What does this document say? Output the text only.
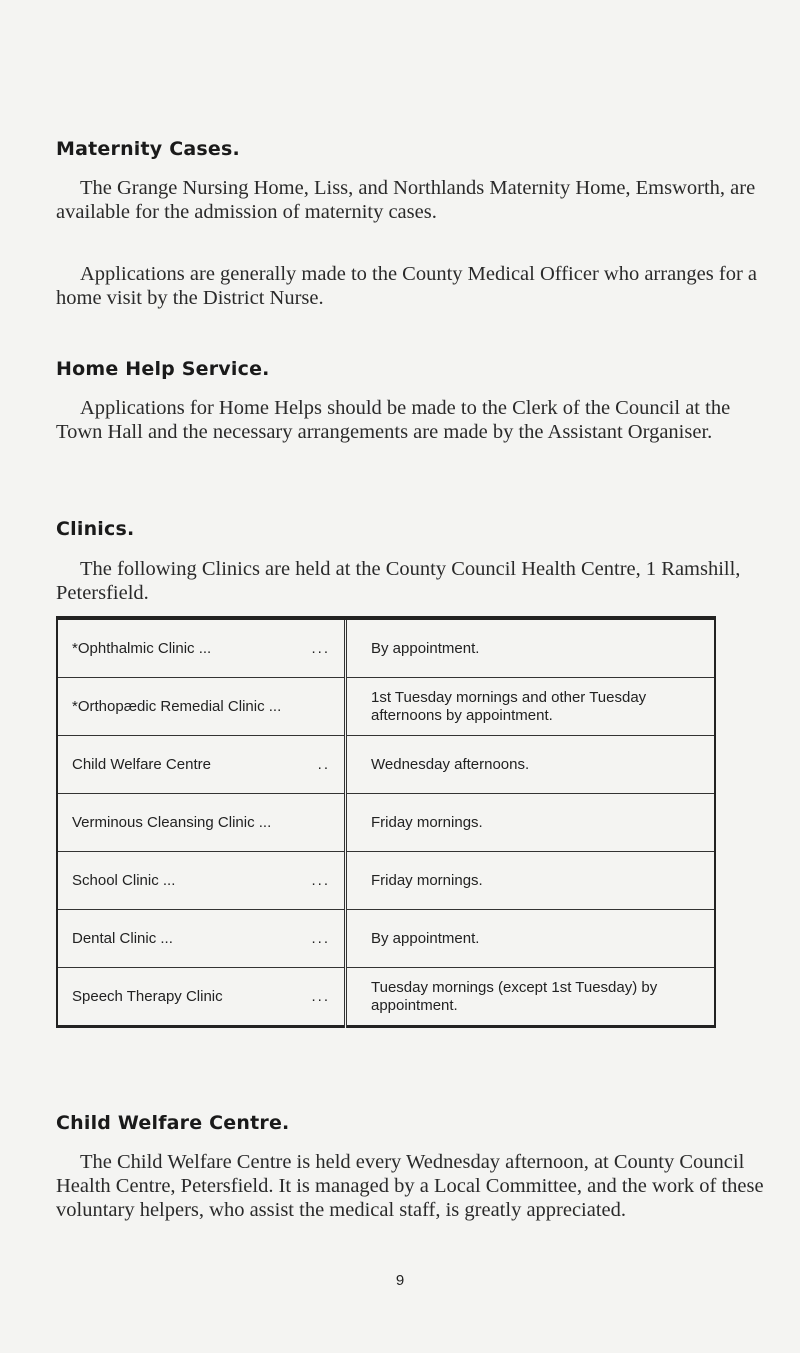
Maternity Cases.

The Grange Nursing Home, Liss, and Northlands Maternity Home, Emsworth, are available for the admission of maternity cases.

Applications are generally made to the County Medical Officer who arranges for a home visit by the District Nurse.

Home Help Service.

Applications for Home Helps should be made to the Clerk of the Council at the Town Hall and the necessary arrangements are made by the Assistant Organiser.

Clinics.

The following Clinics are held at the County Council Health Centre, 1 Ramshill, Petersfield.

...
*Ophthalmic Clinic ...	By appointment.

*Orthopædic Remedial Clinic ...	1st Tuesday mornings and other Tuesday afternoons by appointment.

..
Child Welfare Centre	Wednesday afternoons.

Verminous Cleansing Clinic ...	Friday mornings.

...
School Clinic ...	Friday mornings.

...
Dental Clinic ...	By appointment.

...
Speech Therapy Clinic	Tuesday mornings (except 1st Tuesday) by appointment.
Child Welfare Centre.

The Child Welfare Centre is held every Wednesday afternoon, at County Council Health Centre, Petersfield. It is managed by a Local Committee, and the work of these voluntary helpers, who assist the medical staff, is greatly appreciated.

9
